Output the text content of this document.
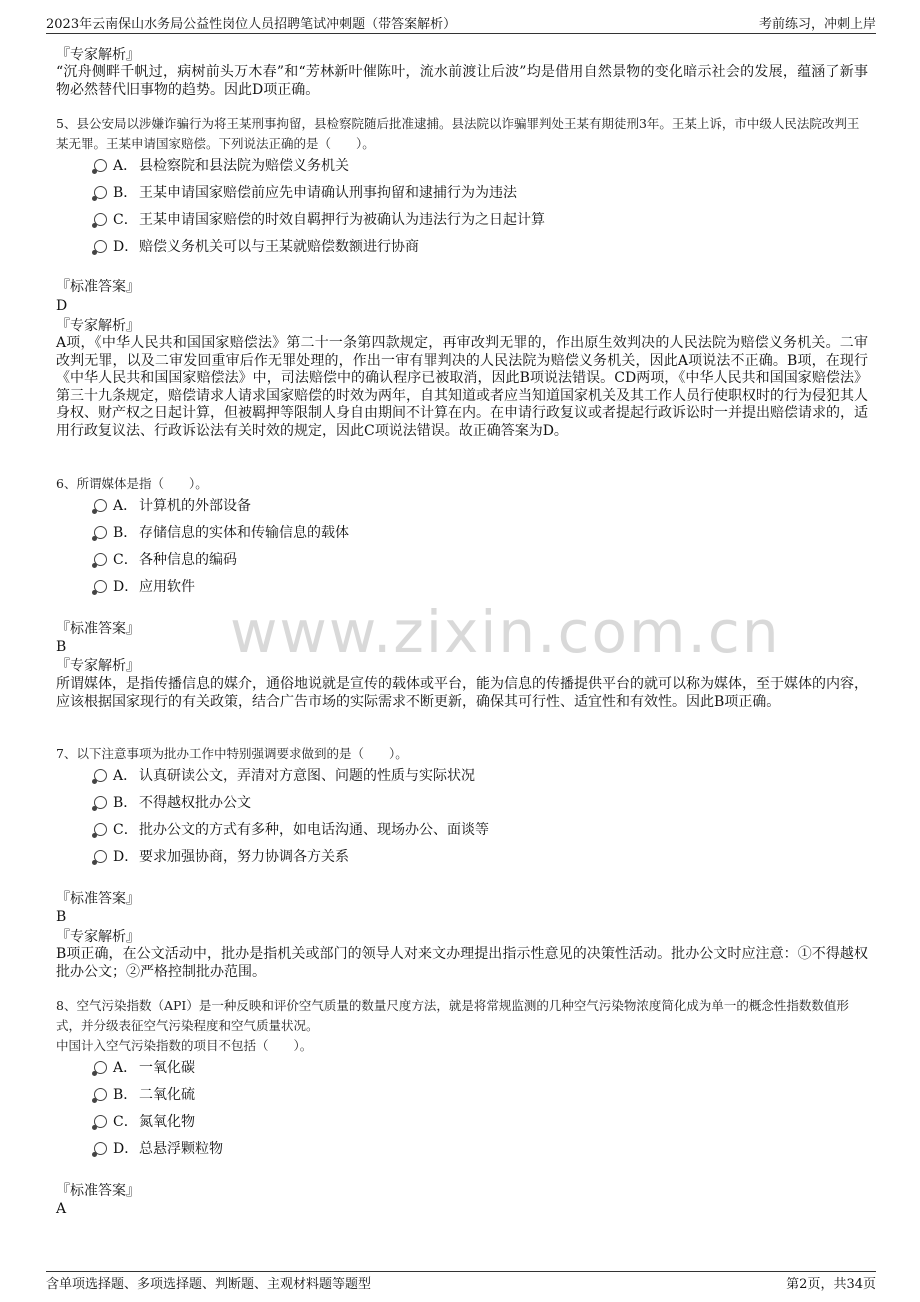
2023年云南保山水务局公益性岗位人员招聘笔试冲刺题（带答案解析）	考前练习，冲刺上岸
www.zixin.com.cn
『专家解析』
“沉舟侧畔千帆过，病树前头万木春”和“芳林新叶催陈叶，流水前渡让后波”均是借用自然景物的变化暗示社会的发展，蕴涵了新事物必然替代旧事物的趋势。因此D项正确。
5、县公安局以涉嫌诈骗行为将王某刑事拘留，县检察院随后批准逮捕。县法院以诈骗罪判处王某有期徒刑3年。王某上诉，市中级人民法院改判王某无罪。王某申请国家赔偿。下列说法正确的是（　　）。
A． 县检察院和县法院为赔偿义务机关
B． 王某申请国家赔偿前应先申请确认刑事拘留和逮捕行为为违法
C．王某申请国家赔偿的时效自羁押行为被确认为违法行为之日起计算
D．赔偿义务机关可以与王某就赔偿数额进行协商
『标准答案』
D
『专家解析』
A项，《中华人民共和国国家赔偿法》第二十一条第四款规定，再审改判无罪的，作出原生效判决的人民法院为赔偿义务机关。二审改判无罪，以及二审发回重审后作无罪处理的，作出一审有罪判决的人民法院为赔偿义务机关，因此A项说法不正确。B项，在现行《中华人民共和国国家赔偿法》中，司法赔偿中的确认程序已被取消，因此B项说法错误。CD两项，《中华人民共和国国家赔偿法》第三十九条规定，赔偿请求人请求国家赔偿的时效为两年，自其知道或者应当知道国家机关及其工作人员行使职权时的行为侵犯其人身权、财产权之日起计算，但被羁押等限制人身自由期间不计算在内。在申请行政复议或者提起行政诉讼时一并提出赔偿请求的，适用行政复议法、行政诉讼法有关时效的规定，因此C项说法错误。故正确答案为D。
6、所谓媒体是指（　　）。
A． 计算机的外部设备
B． 存储信息的实体和传输信息的载体
C．各种信息的编码
D．应用软件
『标准答案』
B
『专家解析』
所谓媒体，是指传播信息的媒介，通俗地说就是宣传的载体或平台，能为信息的传播提供平台的就可以称为媒体，至于媒体的内容，应该根据国家现行的有关政策，结合广告市场的实际需求不断更新，确保其可行性、适宜性和有效性。因此B项正确。
7、以下注意事项为批办工作中特别强调要求做到的是（　　）。
A． 认真研读公文，弄清对方意图、问题的性质与实际状况
B． 不得越权批办公文
C．批办公文的方式有多种，如电话沟通、现场办公、面谈等
D．要求加强协商，努力协调各方关系
『标准答案』
B
『专家解析』
B项正确，在公文活动中，批办是指机关或部门的领导人对来文办理提出指示性意见的决策性活动。批办公文时应注意：①不得越权批办公文；②严格控制批办范围。
8、空气污染指数（API）是一种反映和评价空气质量的数量尺度方法，就是将常规监测的几种空气污染物浓度简化成为单一的概念性指数数值形式，并分级表征空气污染程度和空气质量状况。
中国计入空气污染指数的项目不包括（　　）。
A． 一氧化碳
B． 二氧化硫
C．氮氧化物
D．总悬浮颗粒物
『标准答案』
A
含单项选择题、多项选择题、判断题、主观材料题等题型	第2页，共34页
